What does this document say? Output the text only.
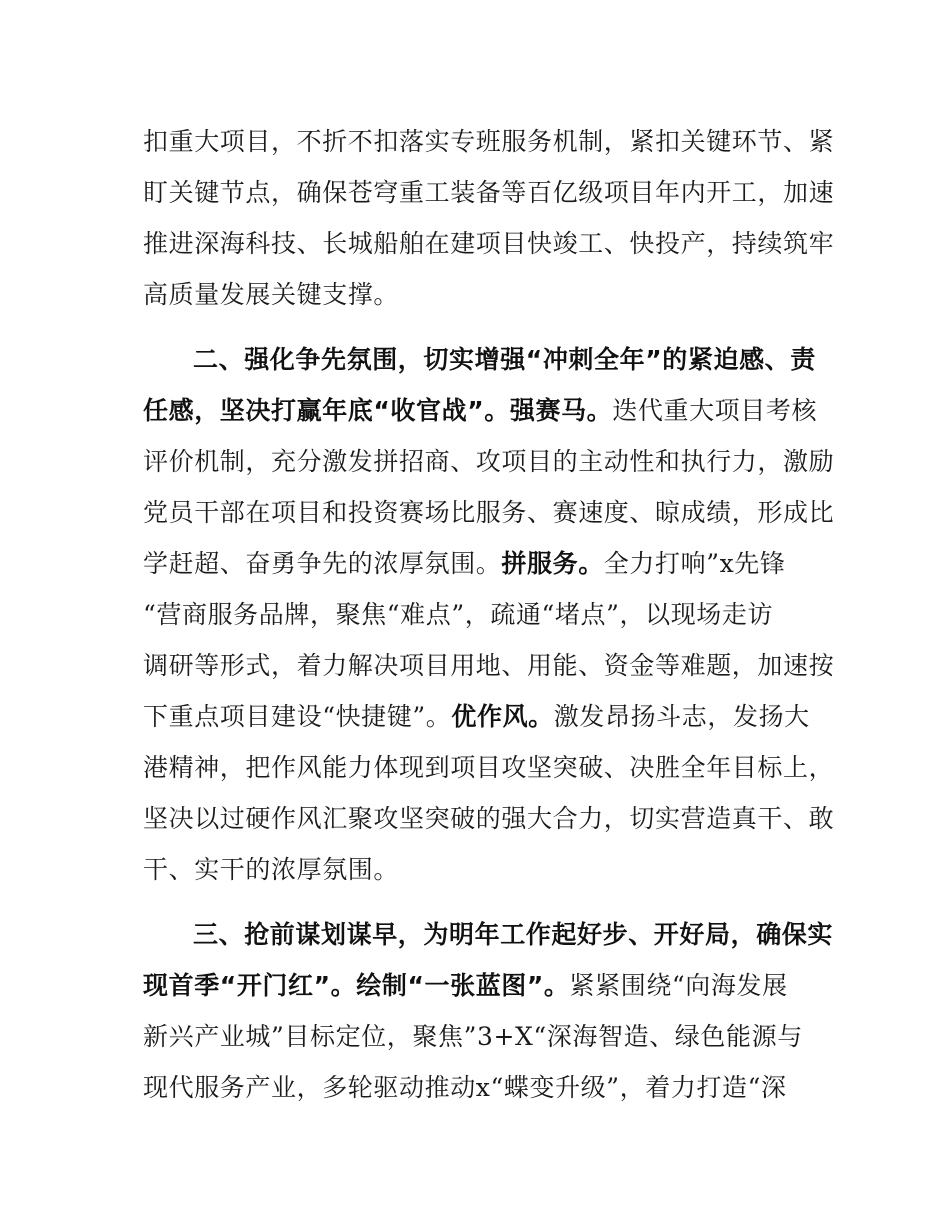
扣重大项目，不折不扣落实专班服务机制，紧扣关键环节、紧
盯关键节点，确保苍穹重工装备等百亿级项目年内开工，加速
推进深海科技、长城船舶在建项目快竣工、快投产，持续筑牢
高质量发展关键支撑。
二、强化争先氛围，切实增强“冲刺全年”的紧迫感、责
任感，坚决打赢年底“收官战”。强赛马。迭代重大项目考核
评价机制，充分激发拼招商、攻项目的主动性和执行力，激励
党员干部在项目和投资赛场比服务、赛速度、晾成绩，形成比
学赶超、奋勇争先的浓厚氛围。拼服务。全力打响”x先锋
“营商服务品牌，聚焦“难点”，疏通“堵点”，以现场走访
调研等形式，着力解决项目用地、用能、资金等难题，加速按
下重点项目建设“快捷键”。优作风。激发昂扬斗志，发扬大
港精神，把作风能力体现到项目攻坚突破、决胜全年目标上，
坚决以过硬作风汇聚攻坚突破的强大合力，切实营造真干、敢
干、实干的浓厚氛围。
三、抢前谋划谋早，为明年工作起好步、开好局，确保实
现首季“开门红”。绘制“一张蓝图”。紧紧围绕“向海发展
新兴产业城”目标定位，聚焦”3+X“深海智造、绿色能源与
现代服务产业，多轮驱动推动x“蝶变升级”，着力打造“深
